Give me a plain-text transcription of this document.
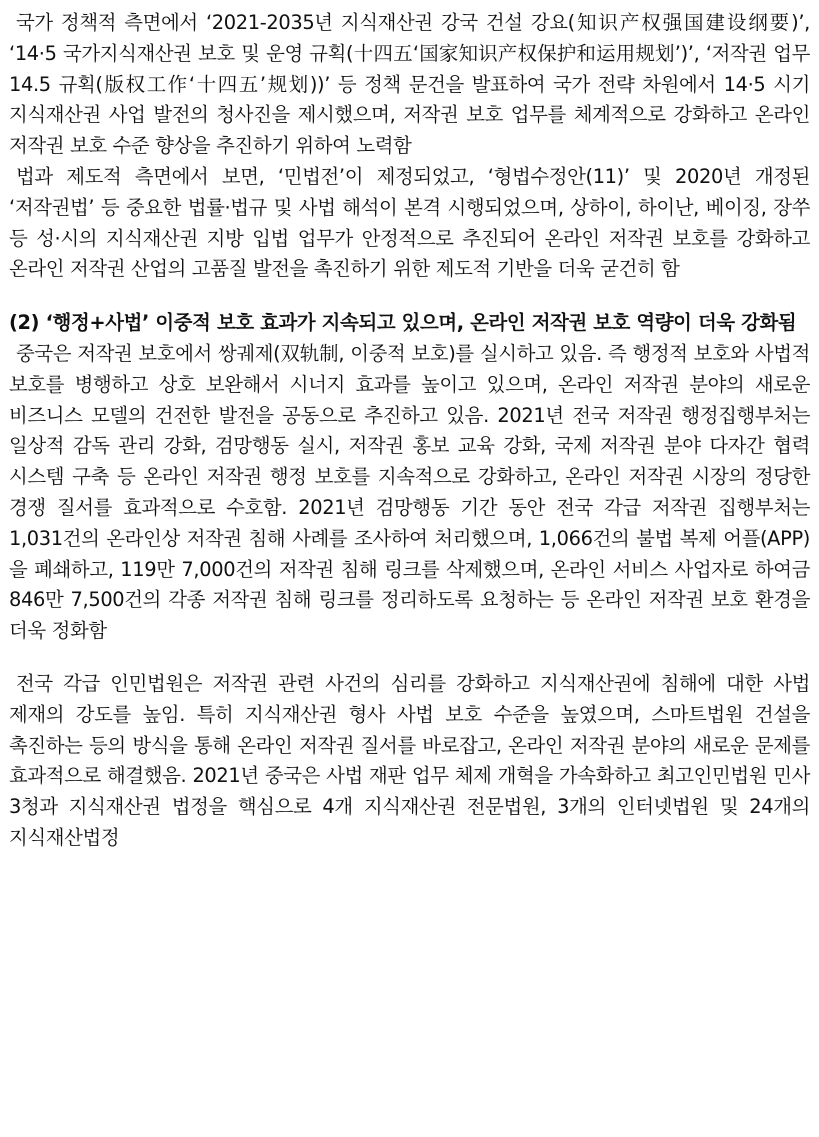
국가 정책적 측면에서 ‘2021-2035년 지식재산권 강국 건설 강요(知识产权强国建设纲要)’, ‘14·5 국가지식재산권 보호 및 운영 규획(十四五‘国家知识产权保护和运用规划’)’, ‘저작권 업무 14.5 규획(版权工作‘十四五’规划))’ 등 정책 문건을 발표하여 국가 전략 차원에서 14·5 시기 지식재산권 사업 발전의 청사진을 제시했으며, 저작권 보호 업무를 체계적으로 강화하고 온라인 저작권 보호 수준 향상을 추진하기 위하여 노력함

법과 제도적 측면에서 보면, ‘민법전’이 제정되었고, ‘형법수정안(11)’ 및 2020년 개정된 ‘저작권법’ 등 중요한 법률·법규 및 사법 해석이 본격 시행되었으며, 상하이, 하이난, 베이징, 장쑤 등 성·시의 지식재산권 지방 입법 업무가 안정적으로 추진되어 온라인 저작권 보호를 강화하고 온라인 저작권 산업의 고품질 발전을 촉진하기 위한 제도적 기반을 더욱 굳건히 함

(2) ‘행정+사법’ 이중적 보호 효과가 지속되고 있으며, 온라인 저작권 보호 역량이 더욱 강화됨

중국은 저작권 보호에서 쌍궤제(双轨制, 이중적 보호)를 실시하고 있음. 즉 행정적 보호와 사법적 보호를 병행하고 상호 보완해서 시너지 효과를 높이고 있으며, 온라인 저작권 분야의 새로운 비즈니스 모델의 건전한 발전을 공동으로 추진하고 있음. 2021년 전국 저작권 행정집행부처는 일상적 감독 관리 강화, 검망행동 실시, 저작권 홍보 교육 강화, 국제 저작권 분야 다자간 협력 시스템 구축 등 온라인 저작권 행정 보호를 지속적으로 강화하고, 온라인 저작권 시장의 정당한 경쟁 질서를 효과적으로 수호함. 2021년 검망행동 기간 동안 전국 각급 저작권 집행부처는 1,031건의 온라인상 저작권 침해 사례를 조사하여 처리했으며, 1,066건의 불법 복제 어플(APP)을 폐쇄하고, 119만 7,000건의 저작권 침해 링크를 삭제했으며, 온라인 서비스 사업자로 하여금 846만 7,500건의 각종 저작권 침해 링크를 정리하도록 요청하는 등 온라인 저작권 보호 환경을 더욱 정화함

전국 각급 인민법원은 저작권 관련 사건의 심리를 강화하고 지식재산권에 침해에 대한 사법 제재의 강도를 높임. 특히 지식재산권 형사 사법 보호 수준을 높였으며, 스마트법원 건설을 촉진하는 등의 방식을 통해 온라인 저작권 질서를 바로잡고, 온라인 저작권 분야의 새로운 문제를 효과적으로 해결했음. 2021년 중국은 사법 재판 업무 체제 개혁을 가속화하고 최고인민법원 민사 3청과 지식재산권 법정을 핵심으로 4개 지식재산권 전문법원, 3개의 인터넷법원 및 24개의 지식재산법정
